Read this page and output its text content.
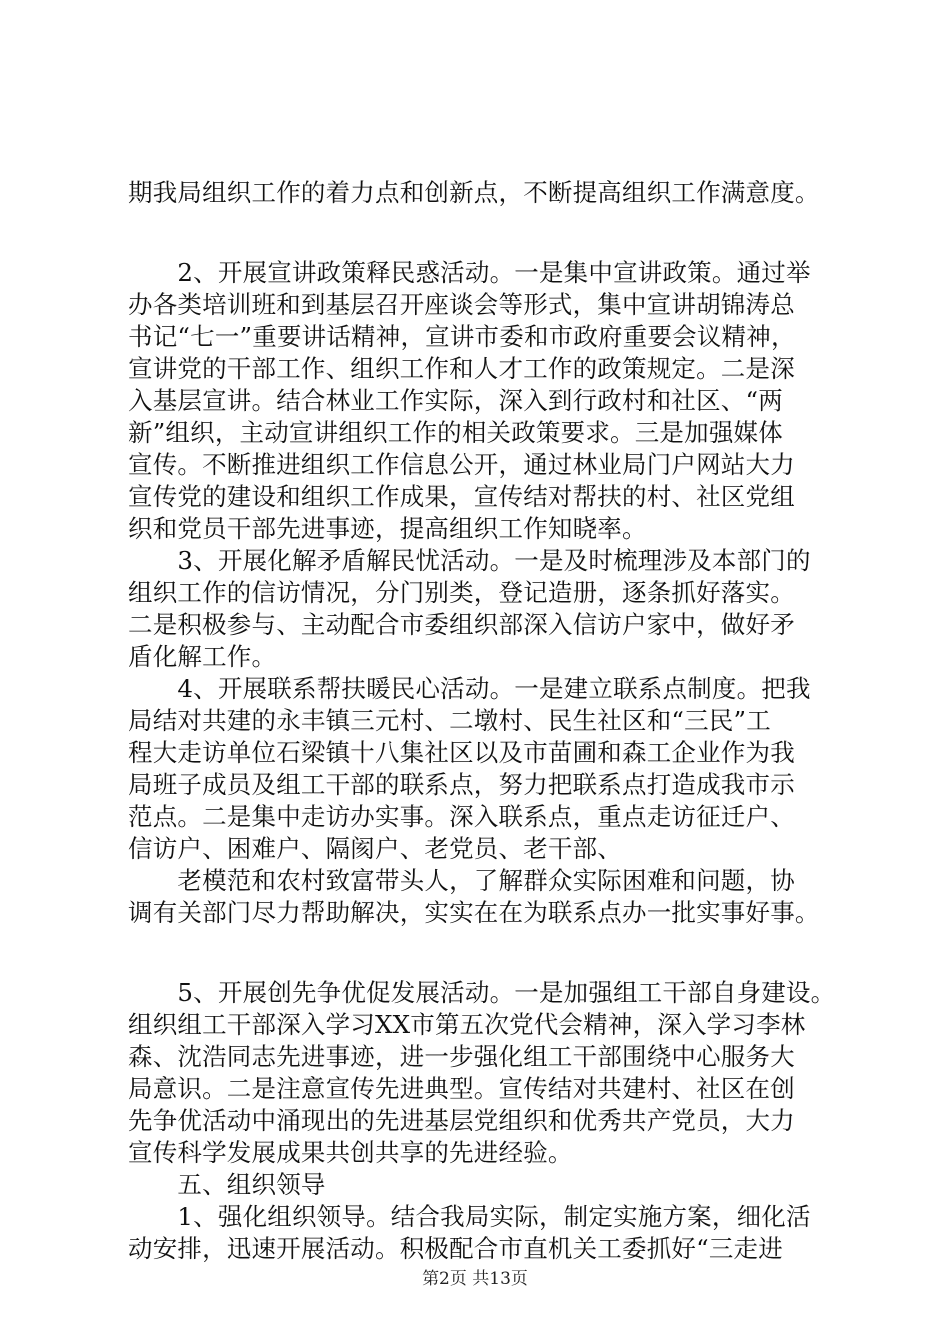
期我局组织工作的着力点和创新点，不断提高组织工作满意度。
　　2、开展宣讲政策释民惑活动。一是集中宣讲政策。通过举
办各类培训班和到基层召开座谈会等形式，集中宣讲胡锦涛总
书记“七一”重要讲话精神，宣讲市委和市政府重要会议精神，
宣讲党的干部工作、组织工作和人才工作的政策规定。二是深
入基层宣讲。结合林业工作实际，深入到行政村和社区、“两
新”组织，主动宣讲组织工作的相关政策要求。三是加强媒体
宣传。不断推进组织工作信息公开，通过林业局门户网站大力
宣传党的建设和组织工作成果，宣传结对帮扶的村、社区党组
织和党员干部先进事迹，提高组织工作知晓率。
　　3、开展化解矛盾解民忧活动。一是及时梳理涉及本部门的
组织工作的信访情况，分门别类，登记造册，逐条抓好落实。
二是积极参与、主动配合市委组织部深入信访户家中，做好矛
盾化解工作。
　　4、开展联系帮扶暖民心活动。一是建立联系点制度。把我
局结对共建的永丰镇三元村、二墩村、民生社区和“三民”工
程大走访单位石梁镇十八集社区以及市苗圃和森工企业作为我
局班子成员及组工干部的联系点，努力把联系点打造成我市示
范点。二是集中走访办实事。深入联系点，重点走访征迁户、
信访户、困难户、隔阂户、老党员、老干部、
　　老模范和农村致富带头人，了解群众实际困难和问题，协
调有关部门尽力帮助解决，实实在在为联系点办一批实事好事。
　　5、开展创先争优促发展活动。一是加强组工干部自身建设。
组织组工干部深入学习XX市第五次党代会精神，深入学习李林
森、沈浩同志先进事迹，进一步强化组工干部围绕中心服务大
局意识。二是注意宣传先进典型。宣传结对共建村、社区在创
先争优活动中涌现出的先进基层党组织和优秀共产党员，大力
宣传科学发展成果共创共享的先进经验。
　　五、组织领导
　　1、强化组织领导。结合我局实际，制定实施方案，细化活
动安排，迅速开展活动。积极配合市直机关工委抓好“三走进
第2页 共13页
